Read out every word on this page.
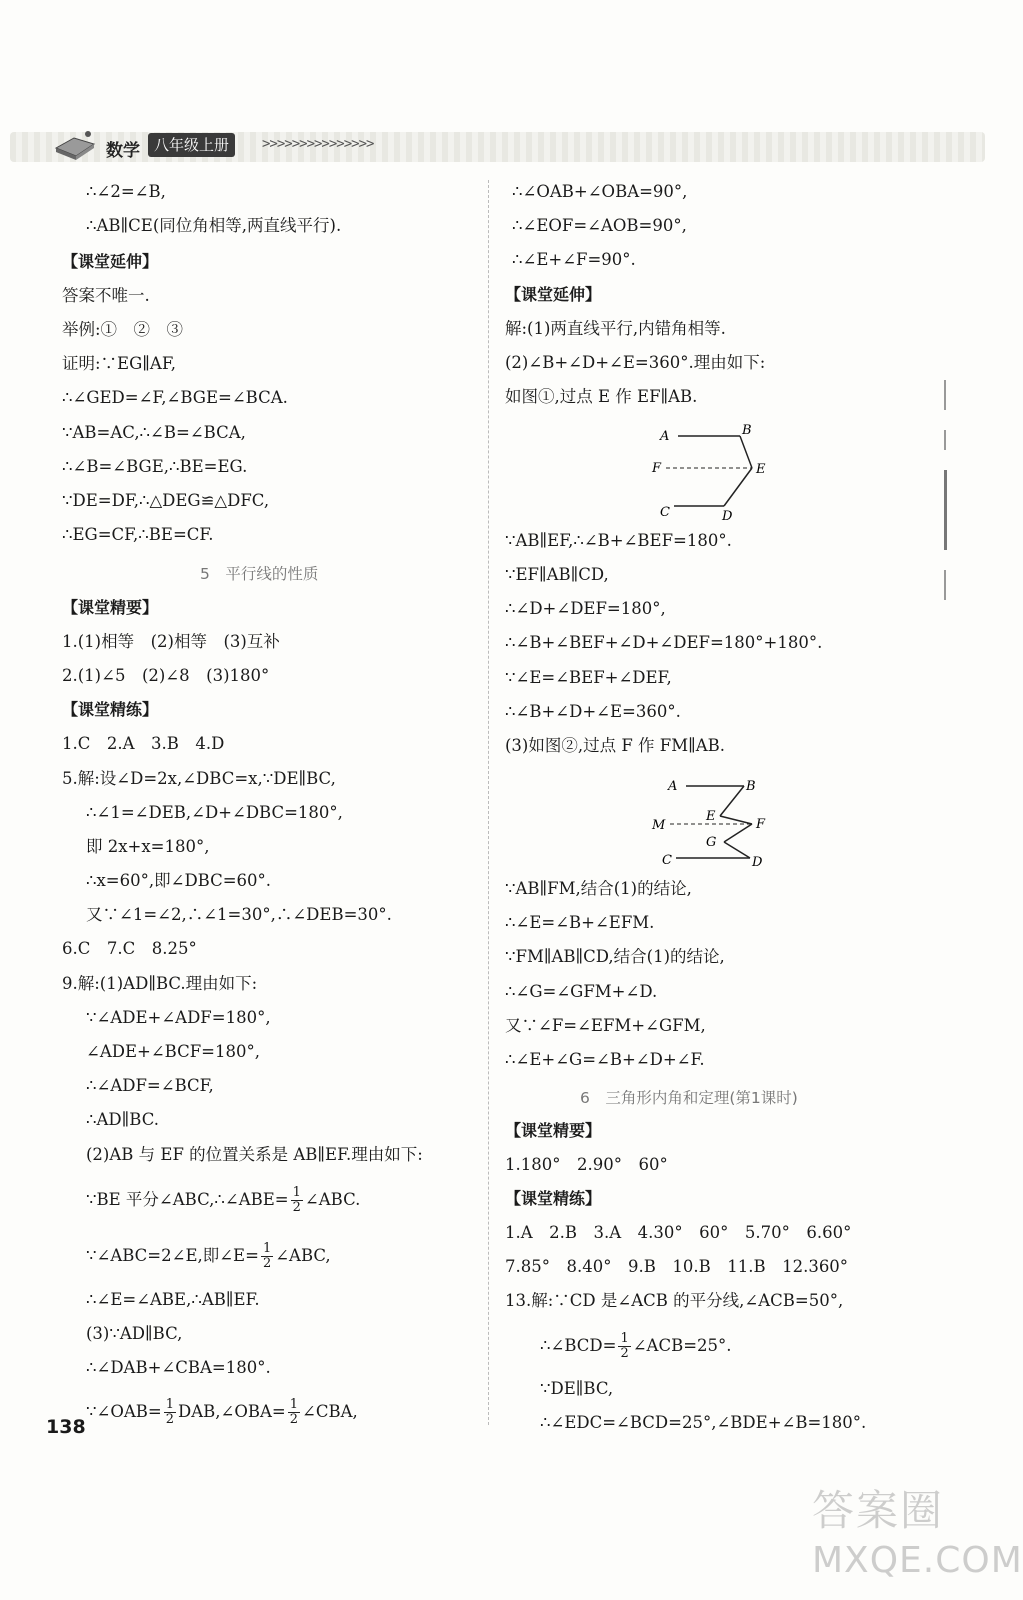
数学 八年级上册	>>>>>>>>>>>>>>>
∴∠2=∠B,
∴AB∥CE(同位角相等,两直线平行).
【课堂延伸】
答案不唯一.
举例:①　②　③
证明:∵EG∥AF,
∴∠GED=∠F,∠BGE=∠BCA.
∵AB=AC,∴∠B=∠BCA,
∴∠B=∠BGE,∴BE=EG.
∵DE=DF,∴△DEG≌△DFC,
∴EG=CF,∴BE=CF.
5　平行线的性质
【课堂精要】
1.(1)相等　(2)相等　(3)互补
2.(1)∠5　(2)∠8　(3)180°
【课堂精练】
1.C　2.A　3.B　4.D
5.解:设∠D=2x,∠DBC=x,∵DE∥BC,
∴∠1=∠DEB,∠D+∠DBC=180°,
即 2x+x=180°,
∴x=60°,即∠DBC=60°.
又∵∠1=∠2,∴∠1=30°,∴∠DEB=30°.
6.C　7.C　8.25°
9.解:(1)AD∥BC.理由如下:
∵∠ADE+∠ADF=180°,
∠ADE+∠BCF=180°,
∴∠ADF=∠BCF,
∴AD∥BC.
(2)AB 与 EF 的位置关系是 AB∥EF.理由如下:
∵BE 平分∠ABC,∴∠ABE= $\frac{1}{2}$ ∠ABC.
∵∠ABC=2∠E,即∠E= $\frac{1}{2}$ ∠ABC,
∴∠E=∠ABE,∴AB∥EF.
(3)∵AD∥BC,
∴∠DAB+∠CBA=180°.
∵∠OAB= $\frac{1}{2}$ DAB,∠OBA= $\frac{1}{2}$ ∠CBA,
∴∠OAB+∠OBA=90°,
∴∠EOF=∠AOB=90°,
∴∠E+∠F=90°.
【课堂延伸】
解:(1)两直线平行,内错角相等.
(2)∠B+∠D+∠E=360°.理由如下:
如图①,过点 E 作 EF∥AB.
A	B
F	E
C	D
∵AB∥EF,∴∠B+∠BEF=180°.
∵EF∥AB∥CD,
∴∠D+∠DEF=180°,
∴∠B+∠BEF+∠D+∠DEF=180°+180°.
∵∠E=∠BEF+∠DEF,
∴∠B+∠D+∠E=360°.
(3)如图②,过点 F 作 FM∥AB.
A	B
M
E
F
G
C	D
∵AB∥FM,结合(1)的结论,
∴∠E=∠B+∠EFM.
∵FM∥AB∥CD,结合(1)的结论,
∴∠G=∠GFM+∠D.
又∵∠F=∠EFM+∠GFM,
∴∠E+∠G=∠B+∠D+∠F.
6　三角形内角和定理(第1课时)
【课堂精要】
1.180°　2.90°　60°
【课堂精练】
1.A　2.B　3.A　4.30°　60°　5.70°　6.60°
7.85°　8.40°　9.B　10.B　11.B　12.360°
13.解:∵CD 是∠ACB 的平分线,∠ACB=50°,
∴∠BCD= $\frac{1}{2}$ ∠ACB=25°.
∵DE∥BC,
∴∠EDC=∠BCD=25°,∠BDE+∠B=180°.
138
答案圈
MXQE.COM
